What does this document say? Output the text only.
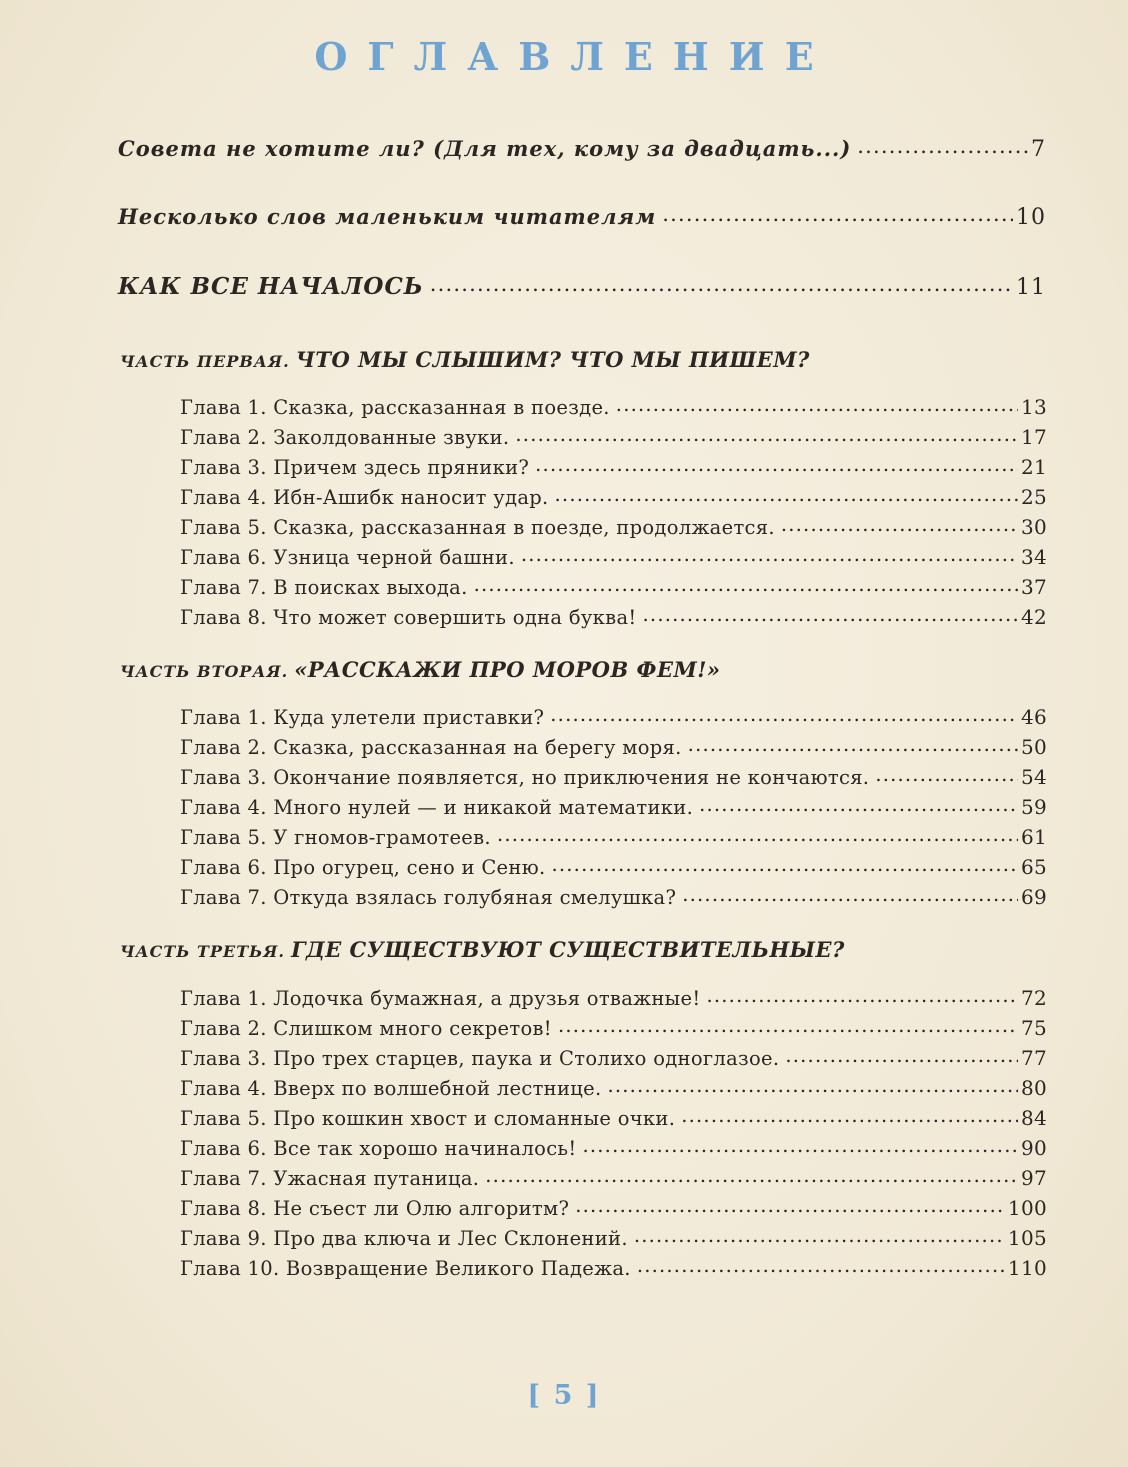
ОГЛАВЛЕНИЕ
Совета не хотите ли? (Для тех, кому за двадцать...) .....	7
Несколько слов маленьким читателям .....	10
КАК ВСЕ НАЧАЛОСЬ .....	11
ЧАСТЬ ПЕРВАЯ. ЧТО МЫ СЛЫШИМ? ЧТО МЫ ПИШЕМ?
Глава 1. Сказка, рассказанная в поезде. .....	13
Глава 2. Заколдованные звуки. .....	17
Глава 3. Причем здесь пряники? .....	21
Глава 4. Ибн-Ашибк наносит удар. .....	25
Глава 5. Сказка, рассказанная в поезде, продолжается. .....	30
Глава 6. Узница черной башни. .....	34
Глава 7. В поисках выхода. .....	37
Глава 8. Что может совершить одна буква! .....	42
ЧАСТЬ ВТОРАЯ. «РАССКАЖИ ПРО МОРОВ ФЕМ!»
Глава 1. Куда улетели приставки? .....	46
Глава 2. Сказка, рассказанная на берегу моря. .....	50
Глава 3. Окончание появляется, но приключения не кончаются. .....	54
Глава 4. Много нулей — и никакой математики. .....	59
Глава 5. У гномов-грамотеев. .....	61
Глава 6. Про огурец, сено и Сеню. .....	65
Глава 7. Откуда взялась голубяная смелушка? .....	69
ЧАСТЬ ТРЕТЬЯ. ГДЕ СУЩЕСТВУЮТ СУЩЕСТВИТЕЛЬНЫЕ?
Глава 1. Лодочка бумажная, а друзья отважные! .....	72
Глава 2. Слишком много секретов! .....	75
Глава 3. Про трех старцев, паука и Столихо одноглазое. .....	77
Глава 4. Вверх по волшебной лестнице. .....	80
Глава 5. Про кошкин хвост и сломанные очки. .....	84
Глава 6. Все так хорошо начиналось! .....	90
Глава 7. Ужасная путаница. .....	97
Глава 8. Не съест ли Олю алгоритм? .....	100
Глава 9. Про два ключа и Лес Склонений. .....	105
Глава 10. Возвращение Великого Падежа. .....	110
[ 5 ]
